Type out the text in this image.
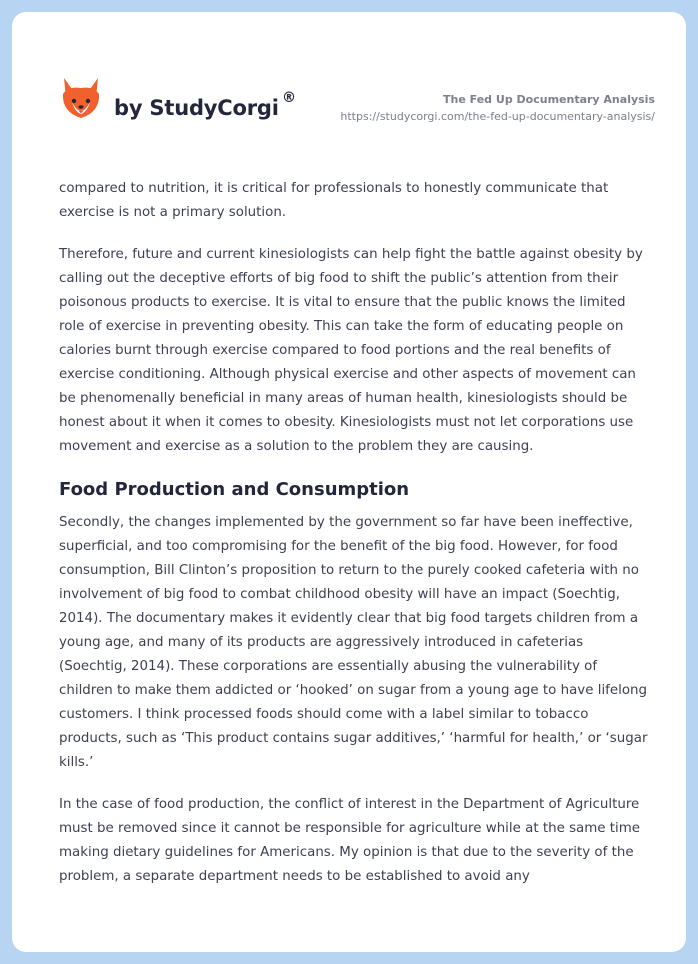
by StudyCorgi ®	The Fed Up Documentary Analysis
https://studycorgi.com/the-fed-up-documentary-analysis/

compared to nutrition, it is critical for professionals to honestly communicate that exercise is not a primary solution.

Therefore, future and current kinesiologists can help fight the battle against obesity by calling out the deceptive efforts of big food to shift the public’s attention from their poisonous products to exercise. It is vital to ensure that the public knows the limited role of exercise in preventing obesity. This can take the form of educating people on calories burnt through exercise compared to food portions and the real benefits of exercise conditioning. Although physical exercise and other aspects of movement can be phenomenally beneficial in many areas of human health, kinesiologists should be honest about it when it comes to obesity. Kinesiologists must not let corporations use movement and exercise as a solution to the problem they are causing.

Food Production and Consumption

Secondly, the changes implemented by the government so far have been ineffective, superficial, and too compromising for the benefit of the big food. However, for food consumption, Bill Clinton’s proposition to return to the purely cooked cafeteria with no involvement of big food to combat childhood obesity will have an impact (Soechtig, 2014). The documentary makes it evidently clear that big food targets children from a young age, and many of its products are aggressively introduced in cafeterias (Soechtig, 2014). These corporations are essentially abusing the vulnerability of children to make them addicted or ‘hooked’ on sugar from a young age to have lifelong customers. I think processed foods should come with a label similar to tobacco products, such as ‘This product contains sugar additives,’ ‘harmful for health,’ or ‘sugar kills.’

In the case of food production, the conflict of interest in the Department of Agriculture must be removed since it cannot be responsible for agriculture while at the same time making dietary guidelines for Americans. My opinion is that due to the severity of the problem, a separate department needs to be established to avoid any
